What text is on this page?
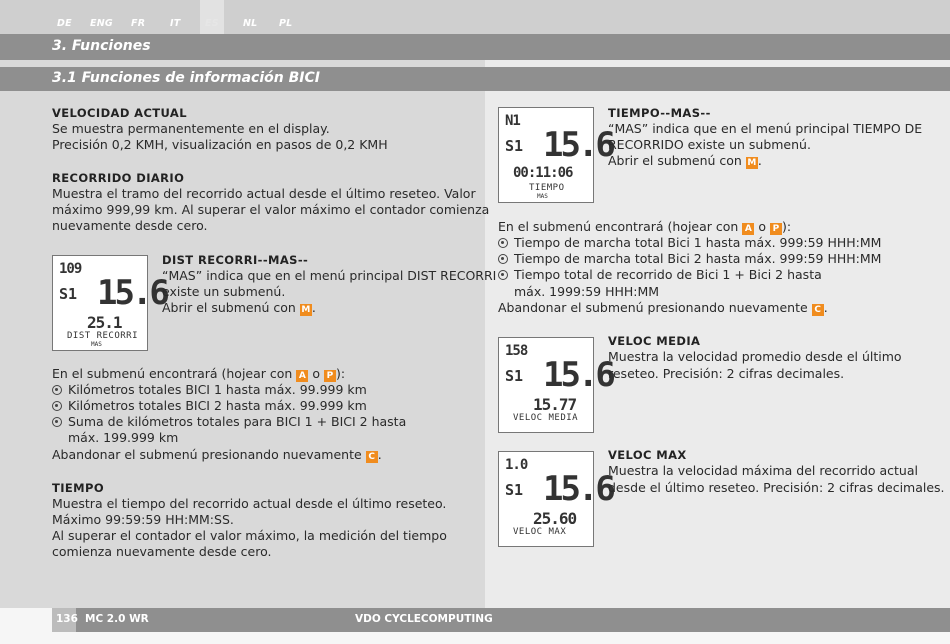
DE ENG FR	IT	ES	NL PL
3. Funciones
3.1 Funciones de información BICI
VELOCIDAD ACTUAL
Se muestra permanentemente en el display.
Precisión 0,2 KMH, visualización en pasos de 0,2 KMH
RECORRIDO DIARIO
Muestra el tramo del recorrido actual desde el último reseteo. Valor
máximo 999,99 km. Al superar el valor máximo el contador comienza
nuevamente desde cero.
109
S1 15.6
25.1
DIST RECORRI
MAS
DIST RECORRI--MAS--
“MAS” indica que en el menú principal DIST RECORRI
existe un submenú.
Abrir el submenú con M .
En el submenú encontrará (hojear con A o P ):
Kilómetros totales BICI 1 hasta máx. 99.999 km
Kilómetros totales BICI 2 hasta máx. 99.999 km
Suma de kilómetros totales para BICI 1 + BICI 2 hasta
máx. 199.999 km
Abandonar el submenú presionando nuevamente C .
TIEMPO
Muestra el tiempo del recorrido actual desde el último reseteo.
Máximo 99:59:59 HH:MM:SS.
Al superar el contador el valor máximo, la medición del tiempo
comienza nuevamente desde cero.
N1
S1 15.6
00:11:06
TIEMPO
MAS
TIEMPO--MAS--
“MAS” indica que en el menú principal TIEMPO DE
RECORRIDO existe un submenú.
Abrir el submenú con M .
En el submenú encontrará (hojear con A o P ):
Tiempo de marcha total Bici 1 hasta máx. 999:59 HHH:MM
Tiempo de marcha total Bici 2 hasta máx. 999:59 HHH:MM
Tiempo total de recorrido de Bici 1 + Bici 2 hasta
máx. 1999:59 HHH:MM
Abandonar el submenú presionando nuevamente C .
158
S1 15.6
15.77
VELOC MEDIA
VELOC MEDIA
Muestra la velocidad promedio desde el último
reseteo. Precisión: 2 cifras decimales.
1.0
S1 15.6
25.60
VELOC MAX
VELOC MAX
Muestra la velocidad máxima del recorrido actual
desde el último reseteo. Precisión: 2 cifras decimales.
136 MC 2.0 WR	VDO CYCLECOMPUTING
